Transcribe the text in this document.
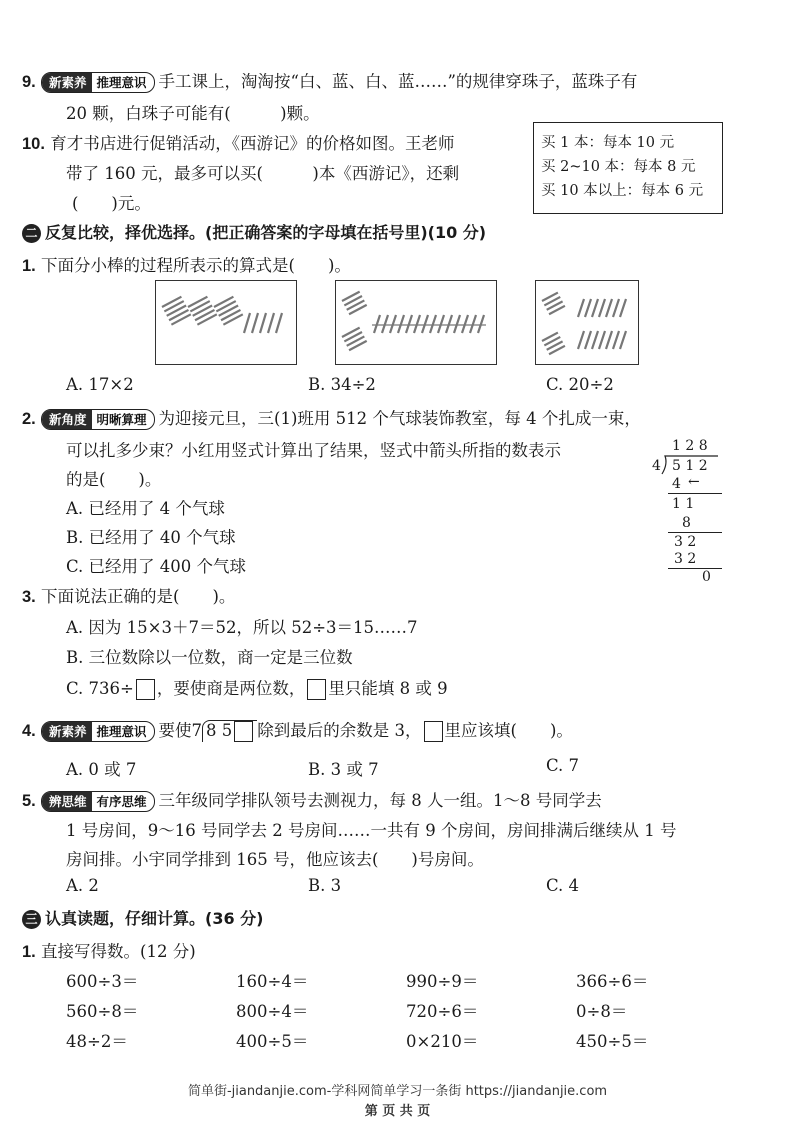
9. 新素养 推理意识 手工课上，淘淘按“白、蓝、白、蓝……”的规律穿珠子，蓝珠子有
20 颗，白珠子可能有(　　　)颗。
10. 育才书店进行促销活动，《西游记》的价格如图。王老师
带了 160 元，最多可以买(　　　)本《西游记》，还剩
(　　)元。
买 1 本：每本 10 元
买 2~10 本：每本 8 元
买 10 本以上：每本 6 元
二 反复比较，择优选择。(把正确答案的字母填在括号里)(10 分)
1. 下面分小棒的过程所表示的算式是(　　)。
A. 17×2	B. 34÷2	C. 20÷2
2. 新角度 明晰算理 为迎接元旦，三(1)班用 512 个气球装饰教室，每 4 个扎成一束，
可以扎多少束？小红用竖式计算出了结果，竖式中箭头所指的数表示
的是(　　)。
A. 已经用了 4 个气球
B. 已经用了 40 个气球
C. 已经用了 400 个气球
1 2 8
4 5 1 2
4 ←
1 1
8
3 2
3 2
0
3. 下面说法正确的是(　　)。
A. 因为 15×3＋7＝52，所以 52÷3＝15……7
B. 三位数除以一位数，商一定是三位数
C. 736÷ ，要使商是两位数， 里只能填 8 或 9
4. 新素养 推理意识 要使7 8 5 除到最后的余数是 3， 里应该填(　　)。
A. 0 或 7	B. 3 或 7	C. 7
5. 辨思维 有序思维 三年级同学排队领号去测视力，每 8 人一组。1～8 号同学去
1 号房间，9～16 号同学去 2 号房间……一共有 9 个房间，房间排满后继续从 1 号
房间排。小宇同学排到 165 号，他应该去(　　)号房间。
A. 2	B. 3	C. 4
三 认真读题，仔细计算。(36 分)
1. 直接写得数。(12 分)
600÷3＝	160÷4＝	990÷9＝	366÷6＝
560÷8＝	800÷4＝	720÷6＝	0÷8＝
48÷2＝	400÷5＝	0×210＝	450÷5＝
简单街-jiandanjie.com-学科网简单学习一条街 https://jiandanjie.com
第 页 共 页
